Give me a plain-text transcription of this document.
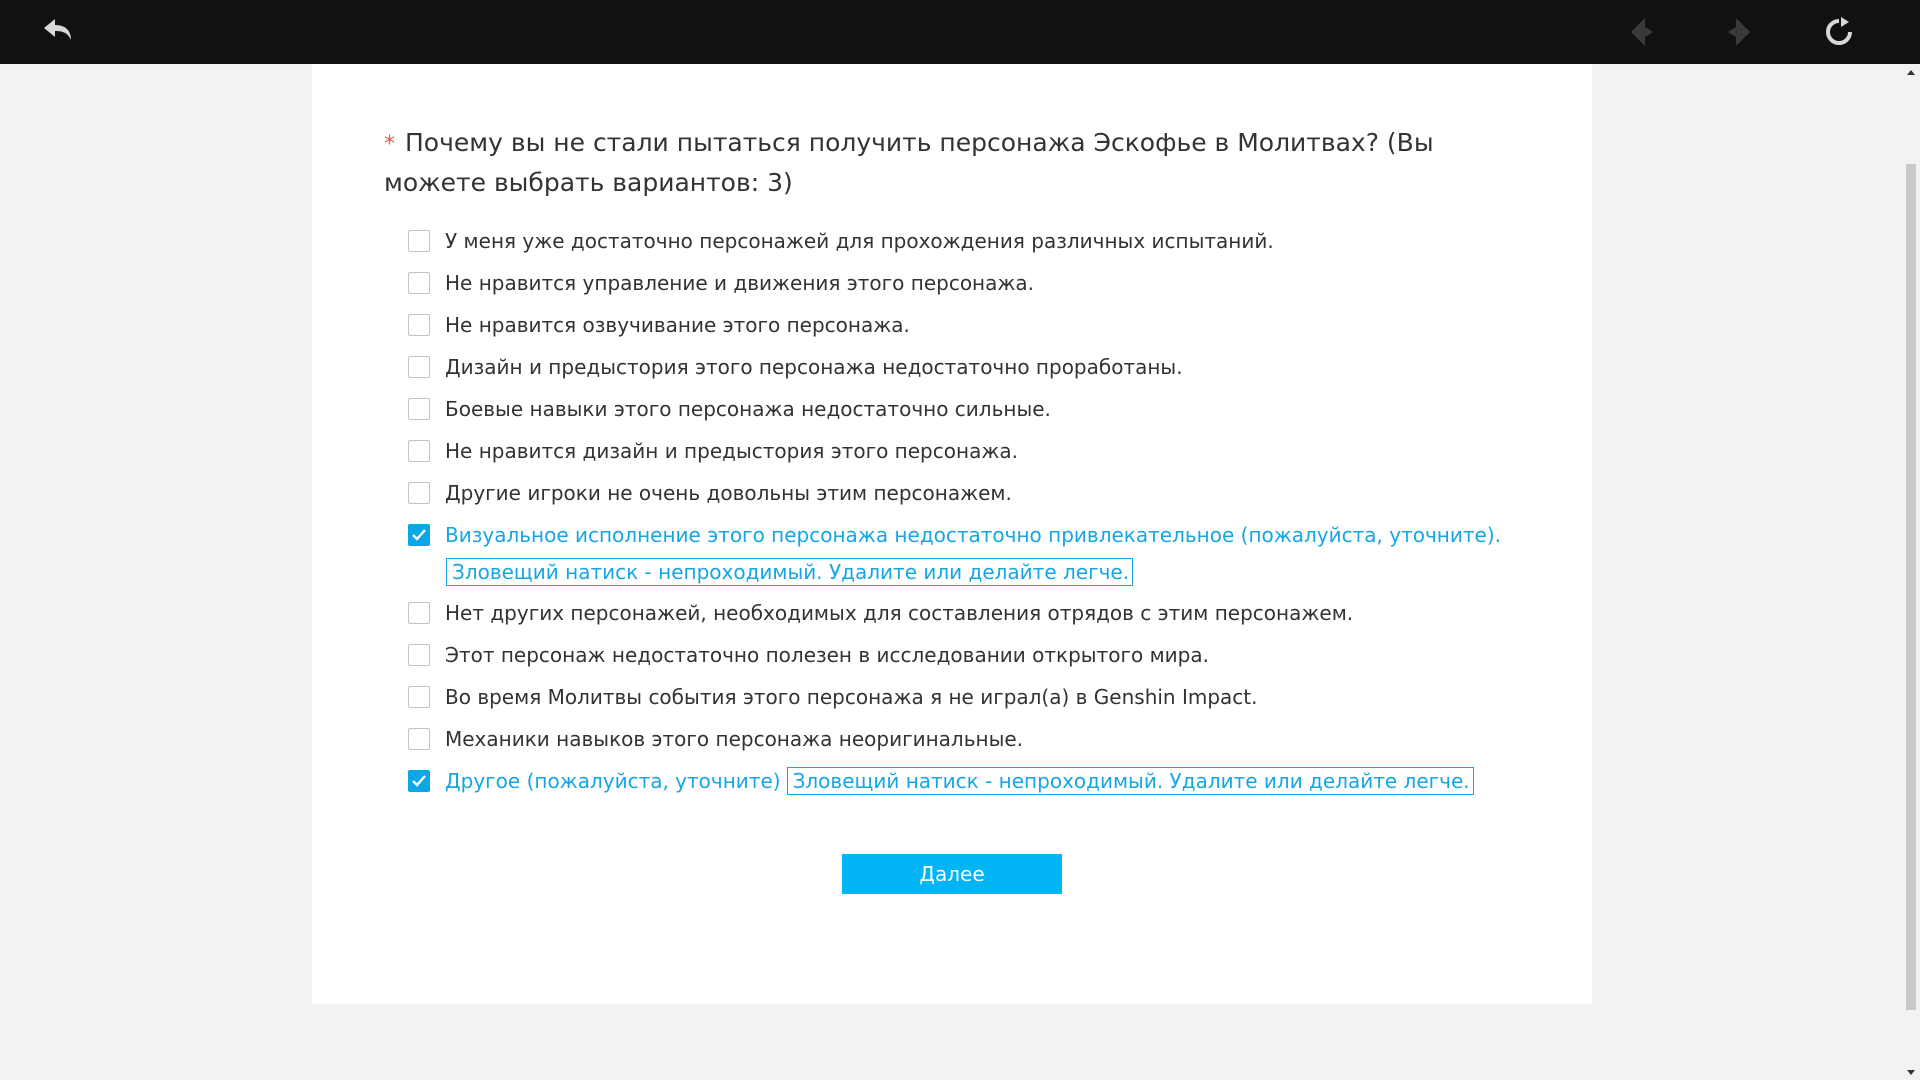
* Почему вы не стали пытаться получить персонажа Эскофье в Молитвах? (Вы можете выбрать вариантов: 3)
У меня уже достаточно персонажей для прохождения различных испытаний.
Не нравится управление и движения этого персонажа.
Не нравится озвучивание этого персонажа.
Дизайн и предыстория этого персонажа недостаточно проработаны.
Боевые навыки этого персонажа недостаточно сильные.
Не нравится дизайн и предыстория этого персонажа.
Другие игроки не очень довольны этим персонажем.
Визуальное исполнение этого персонажа недостаточно привлекательное (пожалуйста, уточните).
Зловещий натиск - непроходимый. Удалите или делайте легче.
Нет других персонажей, необходимых для составления отрядов с этим персонажем.
Этот персонаж недостаточно полезен в исследовании открытого мира.
Во время Молитвы события этого персонажа я не играл(а) в Genshin Impact.
Механики навыков этого персонажа неоригинальные.
Другое (пожалуйста, уточните) Зловещий натиск - непроходимый. Удалите или делайте легче.
Далее
